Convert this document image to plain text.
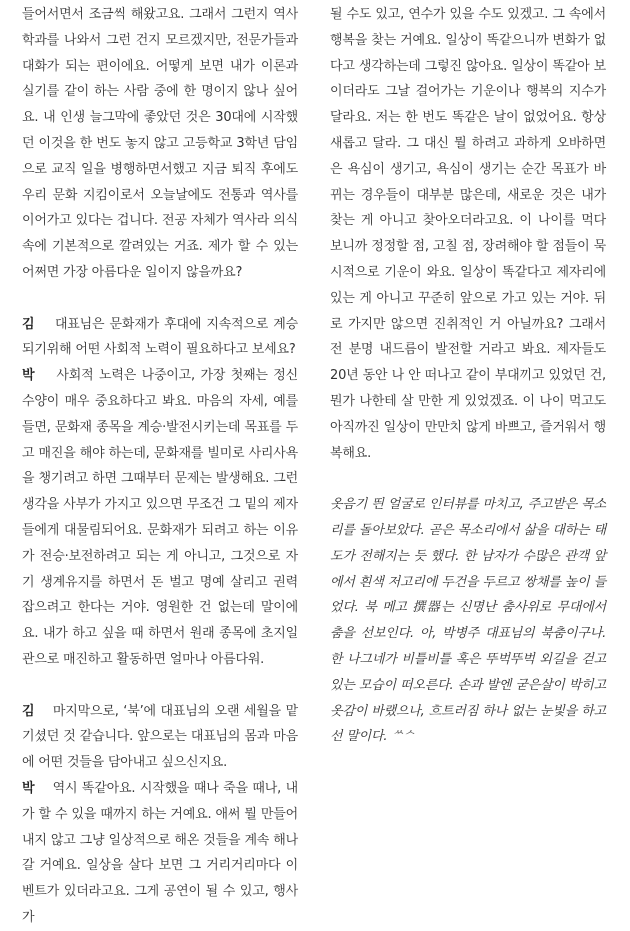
들어서면서 조금씩 해왔고요. 그래서 그런지 역사학과를 나와서 그런 건지 모르겠지만, 전문가들과 대화가 되는 편이에요. 어떻게 보면 내가 이론과 실기를 같이 하는 사람 중에 한 명이지 않나 싶어요. 내 인생 늘그막에 좋았던 것은 30대에 시작했던 이것을 한 번도 놓지 않고 고등학교 3학년 담임으로 교직 일을 병행하면서했고 지금 퇴직 후에도 우리 문화 지킴이로서 오늘날에도 전통과 역사를 이어가고 있다는 겁니다. 전공 자체가 역사라 의식 속에 기본적으로 깔려있는 거죠. 제가 할 수 있는 어쩌면 가장 아름다운 일이지 않을까요?

김 대표님은 문화재가 후대에 지속적으로 계승되기위해 어떤 사회적 노력이 필요하다고 보세요?

박 사회적 노력은 나중이고, 가장 첫째는 정신 수양이 매우 중요하다고 봐요. 마음의 자세, 예를 들면, 문화재 종목을 계승·발전시키는데 목표를 두고 매진을 해야 하는데, 문화재를 빌미로 사리사욕을 챙기려고 하면 그때부터 문제는 발생해요. 그런 생각을 사부가 가지고 있으면 무조건 그 밑의 제자들에게 대물림되어요. 문화재가 되려고 하는 이유가 전승·보전하려고 되는 게 아니고, 그것으로 자기 생계유지를 하면서 돈 벌고 명예 살리고 권력 잡으려고 한다는 거야. 영원한 건 없는데 말이에요. 내가 하고 싶을 때 하면서 원래 종목에 초지일관으로 매진하고 활동하면 얼마나 아름다워.

김 마지막으로, ‘북’에 대표님의 오랜 세월을 맡기셨던 것 같습니다. 앞으로는 대표님의 몸과 마음에 어떤 것들을 담아내고 싶으신지요.

박 역시 똑같아요. 시작했을 때나 죽을 때나, 내가 할 수 있을 때까지 하는 거예요. 애써 뭘 만들어내지 않고 그냥 일상적으로 해온 것들을 계속 해나갈 거예요. 일상을 살다 보면 그 거리거리마다 이벤트가 있더라고요. 그게 공연이 될 수 있고, 행사가

될 수도 있고, 연수가 있을 수도 있겠고. 그 속에서 행복을 찾는 거예요. 일상이 똑같으니까 변화가 없다고 생각하는데 그렇진 않아요. 일상이 똑같아 보이더라도 그날 걸어가는 기운이나 행복의 지수가 달라요. 저는 한 번도 똑같은 날이 없었어요. 항상 새롭고 달라. 그 대신 뭘 하려고 과하게 오바하면은 욕심이 생기고, 욕심이 생기는 순간 목표가 바뀌는 경우들이 대부분 많은데, 새로운 것은 내가 찾는 게 아니고 찾아오더라고요. 이 나이를 먹다 보니까 정정할 점, 고칠 점, 장려해야 할 점들이 묵시적으로 기운이 와요. 일상이 똑같다고 제자리에 있는 게 아니고 꾸준히 앞으로 가고 있는 거야. 뒤로 가지만 않으면 진취적인 거 아닐까요? 그래서 전 분명 내드름이 발전할 거라고 봐요. 제자들도 20년 동안 나 안 떠나고 같이 부대끼고 있었던 건, 뭔가 나한테 살 만한 게 있었겠죠. 이 나이 먹고도 아직까진 일상이 만만치 않게 바쁘고, 즐거워서 행복해요.

옷음기 띈 얼굴로 인터뷰를 마치고, 주고받은 목소리를 돌아보았다. 곧은 목소리에서 삶을 대하는 태도가 전해지는 듯 했다. 한 남자가 수많은 관객 앞에서 흰색 저고리에 두건을 두르고 쌍채를 높이 들었다. 북 메고 撰器는 신명난 춤사위로 무대에서 춤을 선보인다. 아, 박병주 대표님의 북춤이구나. 한 나그네가 비틀비틀 혹은 뚜벅뚜벅 외길을 걷고 있는 모습이 떠오른다. 손과 발엔 굳은살이 박히고 옷감이 바랬으나, 흐트러짐 하나 없는 눈빛을 하고선 말이다. ᄊᄉ
